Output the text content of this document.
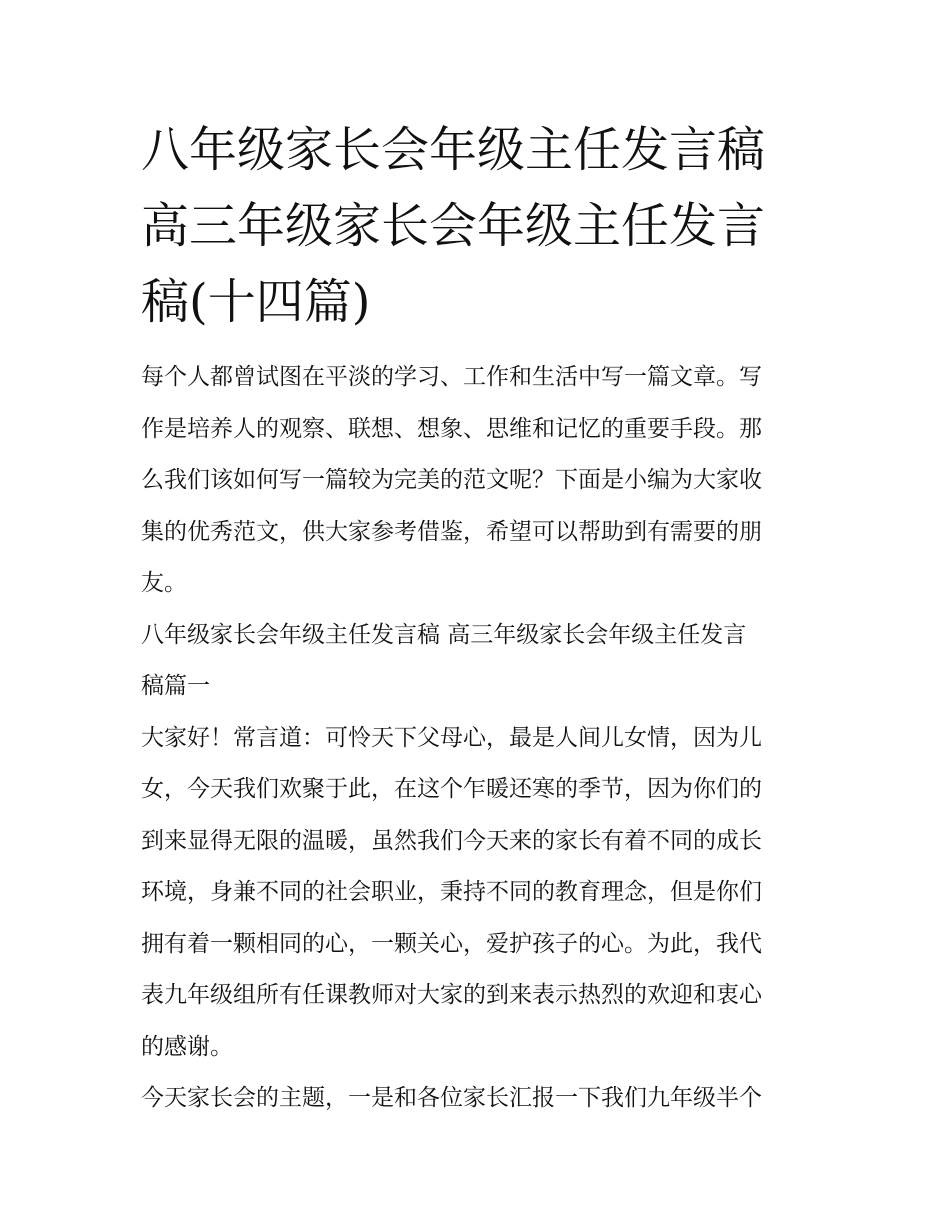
八年级家长会年级主任发言稿
高三年级家长会年级主任发言
稿(十四篇)
每个人都曾试图在平淡的学习、工作和生活中写一篇文章。写
作是培养人的观察、联想、想象、思维和记忆的重要手段。那
么我们该如何写一篇较为完美的范文呢？下面是小编为大家收
集的优秀范文，供大家参考借鉴，希望可以帮助到有需要的朋
友。
八年级家长会年级主任发言稿 高三年级家长会年级主任发言
稿篇一
大家好！常言道：可怜天下父母心，最是人间儿女情，因为儿
女，今天我们欢聚于此，在这个乍暖还寒的季节，因为你们的
到来显得无限的温暖，虽然我们今天来的家长有着不同的成长
环境，身兼不同的社会职业，秉持不同的教育理念，但是你们
拥有着一颗相同的心，一颗关心，爱护孩子的心。为此，我代
表九年级组所有任课教师对大家的到来表示热烈的欢迎和衷心
的感谢。
今天家长会的主题，一是和各位家长汇报一下我们九年级半个
